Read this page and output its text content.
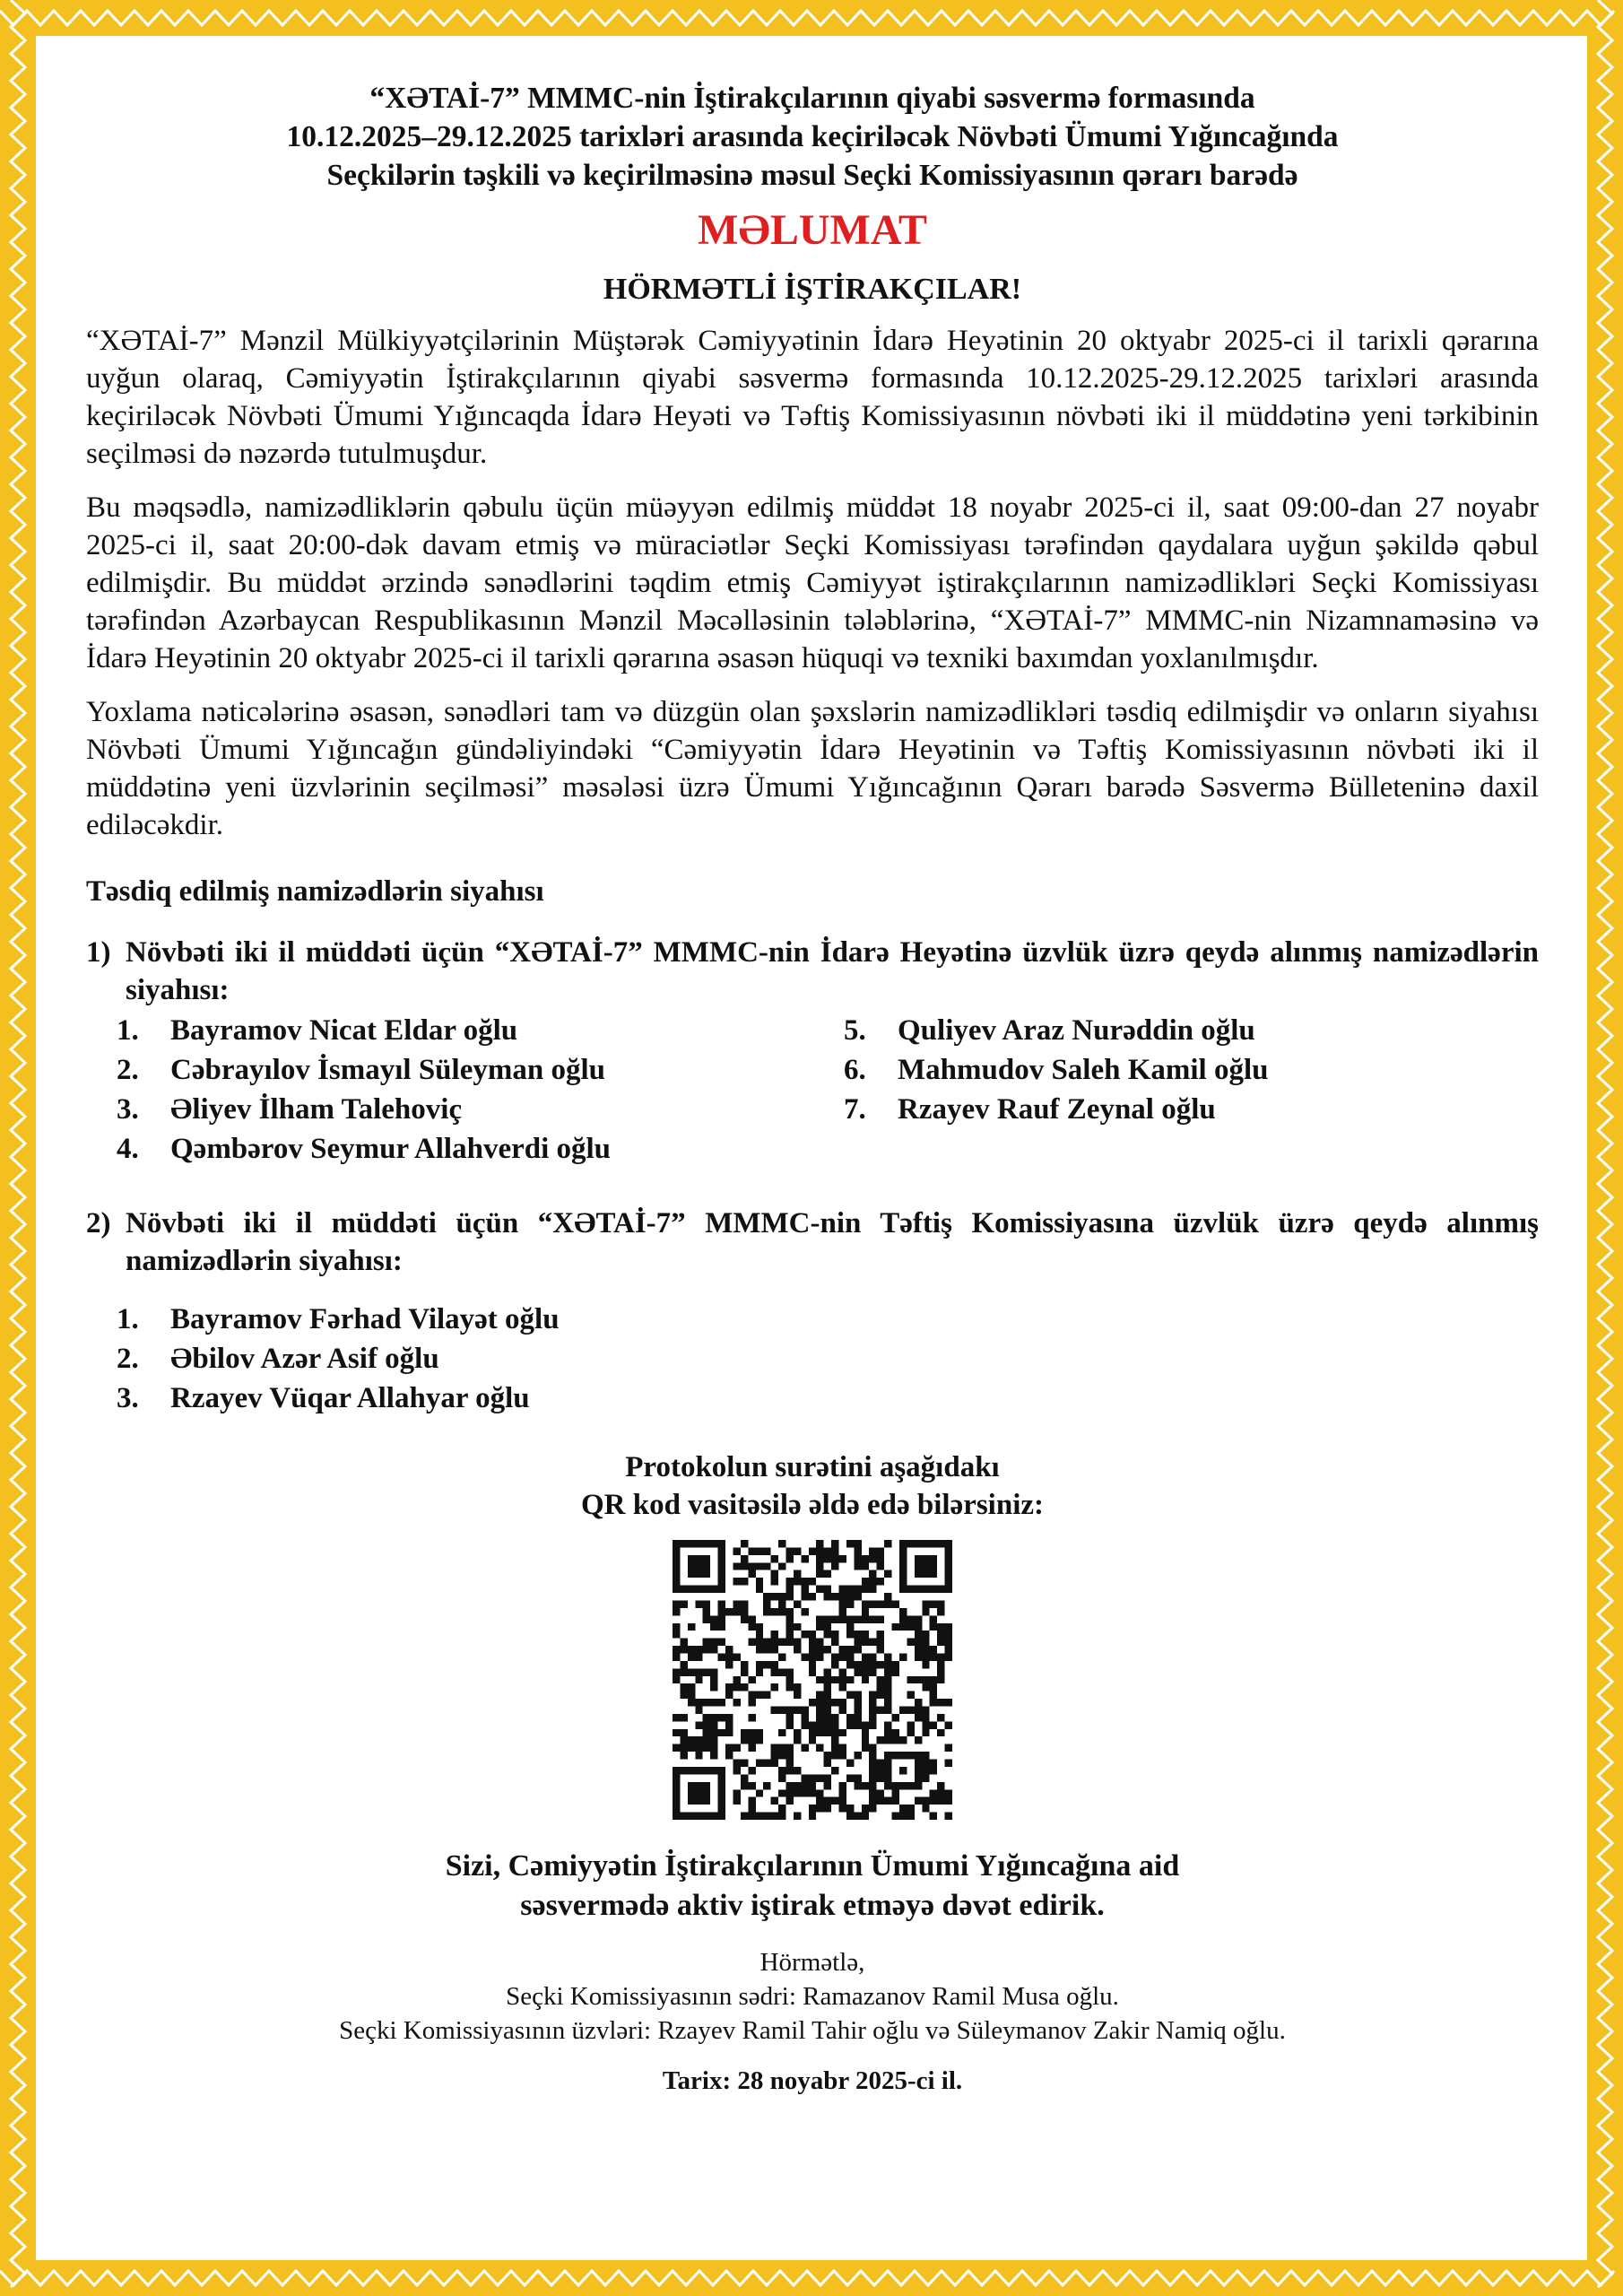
“XƏTAİ-7” MMMC-nin İştirakçılarının qiyabi səsvermə formasında
10.12.2025–29.12.2025 tarixləri arasında keçiriləcək Növbəti Ümumi Yığıncağında
Seçkilərin təşkili və keçirilməsinə məsul Seçki Komissiyasının qərarı barədə
MƏLUMAT
HÖRMƏTLİ İŞTİRAKÇILAR!
“XƏTAİ-7” Mənzil Mülkiyyətçilərinin Müştərək Cəmiyyətinin İdarə Heyətinin 20 oktyabr 2025-ci il tarixli qərarına uyğun olaraq, Cəmiyyətin İştirakçılarının qiyabi səsvermə formasında 10.12.2025-29.12.2025 tarixləri arasında keçiriləcək Növbəti Ümumi Yığıncaqda İdarə Heyəti və Təftiş Komissiyasının növbəti iki il müddətinə yeni tərkibinin seçilməsi də nəzərdə tutulmuşdur.
Bu məqsədlə, namizədliklərin qəbulu üçün müəyyən edilmiş müddət 18 noyabr 2025-ci il, saat 09:00-dan 27 noyabr 2025-ci il, saat 20:00-dək davam etmiş və müraciətlər Seçki Komissiyası tərəfindən qaydalara uyğun şəkildə qəbul edilmişdir. Bu müddət ərzində sənədlərini təqdim etmiş Cəmiyyət iştirakçılarının namizədlikləri Seçki Komissiyası tərəfindən Azərbaycan Respublikasının Mənzil Məcəlləsinin tələblərinə, “XƏTAİ-7” MMMC-nin Nizamnaməsinə və İdarə Heyətinin 20 oktyabr 2025-ci il tarixli qərarına əsasən hüquqi və texniki baxımdan yoxlanılmışdır.
Yoxlama nəticələrinə əsasən, sənədləri tam və düzgün olan şəxslərin namizədlikləri təsdiq edilmişdir və onların siyahısı Növbəti Ümumi Yığıncağın gündəliyindəki “Cəmiyyətin İdarə Heyətinin və Təftiş Komissiyasının növbəti iki il müddətinə yeni üzvlərinin seçilməsi” məsələsi üzrə Ümumi Yığıncağının Qərarı barədə Səsvermə Bülleteninə daxil ediləcəkdir.
Təsdiq edilmiş namizədlərin siyahısı
1) Növbəti iki il müddəti üçün “XƏTAİ-7” MMMC-nin İdarə Heyətinə üzvlük üzrə qeydə alınmış namizədlərin siyahısı:
1.	Bayramov Nicat Eldar oğlu
2.	Cəbrayılov İsmayıl Süleyman oğlu
3.	Əliyev İlham Talehoviç
4.	Qəmbərov Seymur Allahverdi oğlu
5.	Quliyev Araz Nurəddin oğlu
6.	Mahmudov Saleh Kamil oğlu
7.	Rzayev Rauf Zeynal oğlu
2) Növbəti iki il müddəti üçün “XƏTAİ-7” MMMC-nin Təftiş Komissiyasına üzvlük üzrə qeydə alınmış namizədlərin siyahısı:
1.	Bayramov Fərhad Vilayət oğlu
2.	Əbilov Azər Asif oğlu
3.	Rzayev Vüqar Allahyar oğlu
Protokolun surətini aşağıdakı
QR kod vasitəsilə əldə edə bilərsiniz:
Sizi, Cəmiyyətin İştirakçılarının Ümumi Yığıncağına aid
səsvermədə aktiv iştirak etməyə dəvət edirik.
Hörmətlə,
Seçki Komissiyasının sədri: Ramazanov Ramil Musa oğlu.
Seçki Komissiyasının üzvləri: Rzayev Ramil Tahir oğlu və Süleymanov Zakir Namiq oğlu.
Tarix: 28 noyabr 2025-ci il.
